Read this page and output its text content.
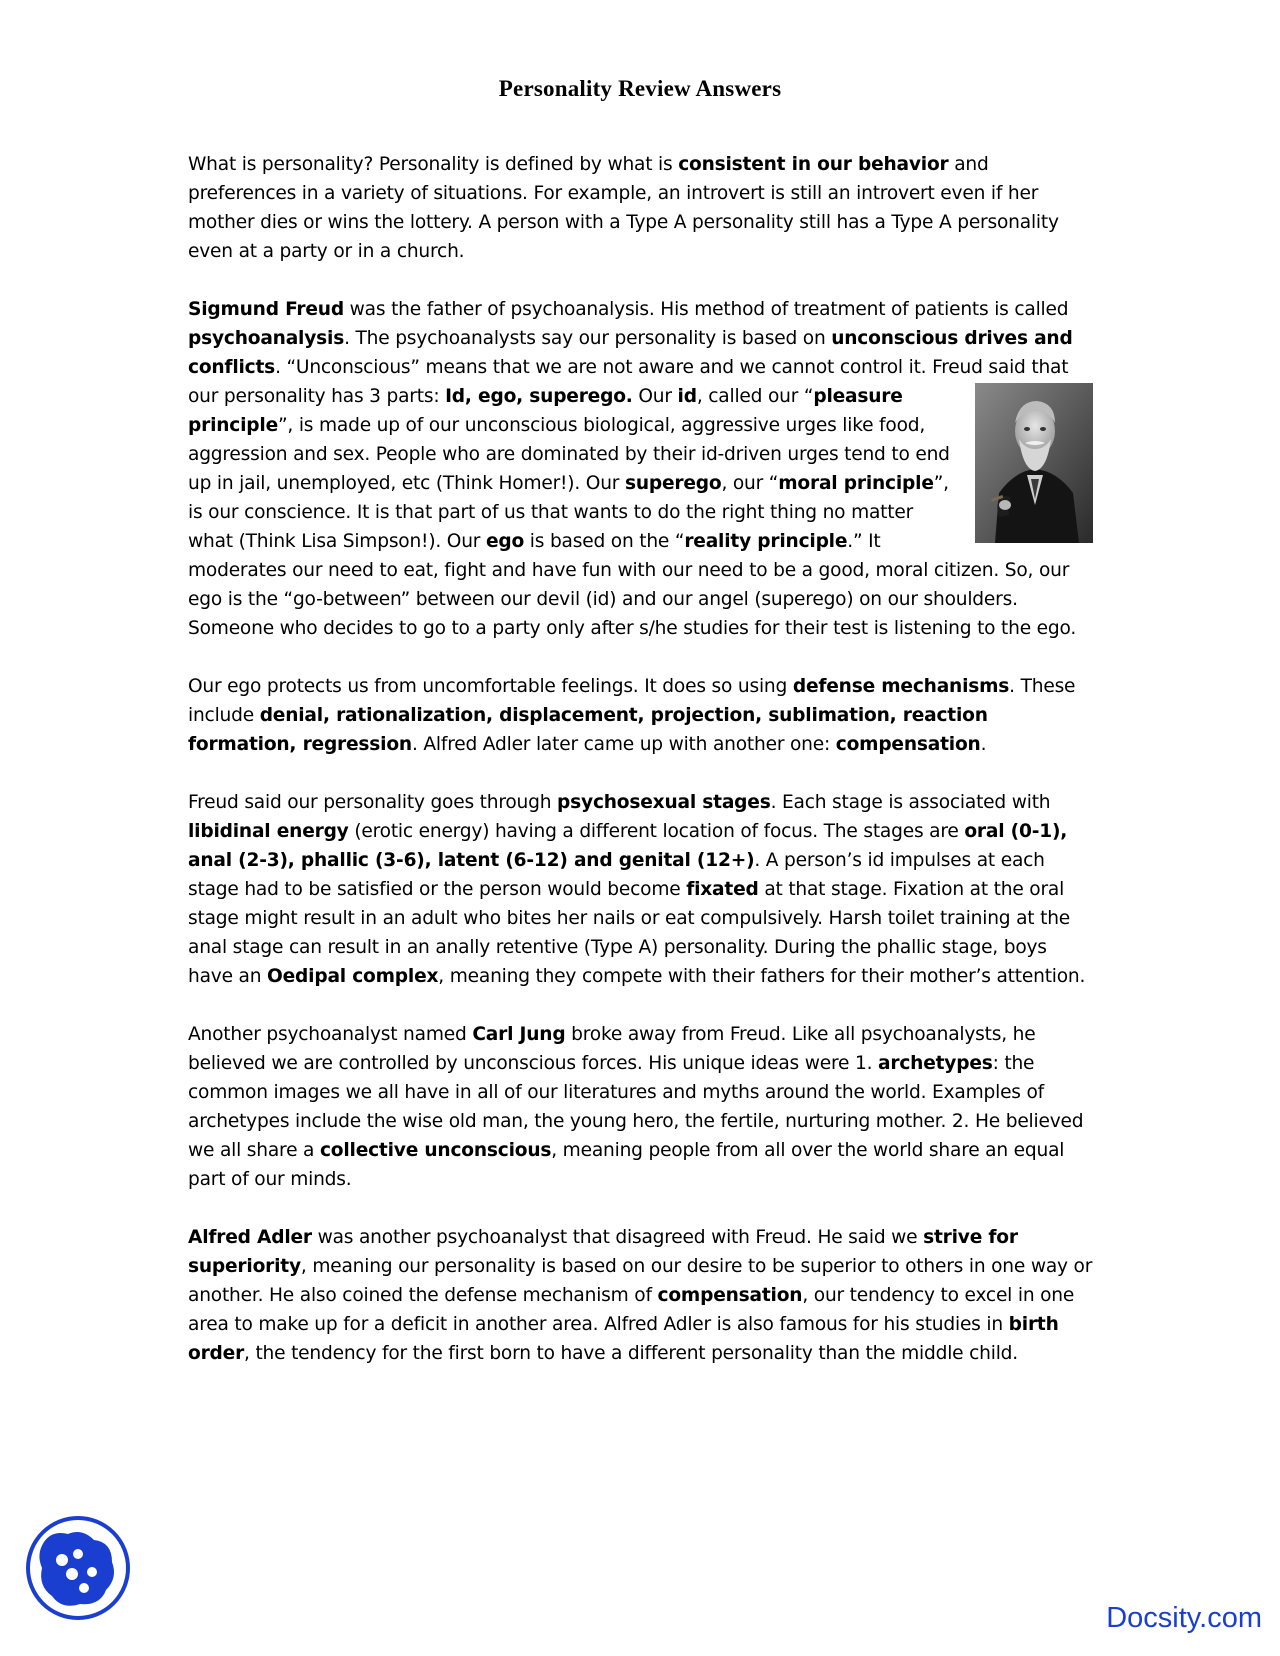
Personality Review Answers

What is personality? Personality is defined by what is consistent in our behavior and preferences in a variety of situations. For example, an introvert is still an introvert even if her mother dies or wins the lottery. A person with a Type A personality still has a Type A personality even at a party or in a church.

Sigmund Freud was the father of psychoanalysis. His method of treatment of patients is called psychoanalysis. The psychoanalysts say our personality is based on unconscious drives and conflicts. “Unconscious” means that we are not aware and we cannot control it. Freud said that our personality has 3 parts: Id, ego, superego. Our id, called our “
pleasure principle”, is made up of our unconscious biological, aggressive urges like food, aggression and sex. People who are dominated by their id-driven urges tend to end up in jail, unemployed, etc (Think Homer!). Our superego, our “moral principle”, is our conscience. It is that part of us that wants to do the right thing no matter what (Think Lisa Simpson!). Our ego is based on the “reality principle.” It moderates our need to eat, fight and have fun with our need to be a good, moral citizen. So, our ego is the “go-between” between our devil (id) and our angel (superego) on our shoulders. Someone who decides to go to a party only after s/he studies for their test is listening to the ego.

Our ego protects us from uncomfortable feelings. It does so using defense mechanisms. These include denial, rationalization, displacement, projection, sublimation, reaction formation, regression. Alfred Adler later came up with another one: compensation.

Freud said our personality goes through psychosexual stages. Each stage is associated with libidinal energy (erotic energy) having a different location of focus. The stages are oral (0-1), anal (2-3), phallic (3-6), latent (6-12) and genital (12+). A person’s id impulses at each stage had to be satisfied or the person would become fixated at that stage. Fixation at the oral stage might result in an adult who bites her nails or eat compulsively. Harsh toilet training at the anal stage can result in an anally retentive (Type A) personality. During the phallic stage, boys have an Oedipal complex, meaning they compete with their fathers for their mother’s attention.

Another psychoanalyst named Carl Jung broke away from Freud. Like all psychoanalysts, he believed we are controlled by unconscious forces. His unique ideas were 1. archetypes: the common images we all have in all of our literatures and myths around the world. Examples of archetypes include the wise old man, the young hero, the fertile, nurturing mother. 2. He believed we all share a collective unconscious, meaning people from all over the world share an equal part of our minds.

Alfred Adler was another psychoanalyst that disagreed with Freud. He said we strive for superiority, meaning our personality is based on our desire to be superior to others in one way or another. He also coined the defense mechanism of compensation, our tendency to excel in one area to make up for a deficit in another area. Alfred Adler is also famous for his studies in birth order, the tendency for the first born to have a different personality than the middle child.

Docsity.com
